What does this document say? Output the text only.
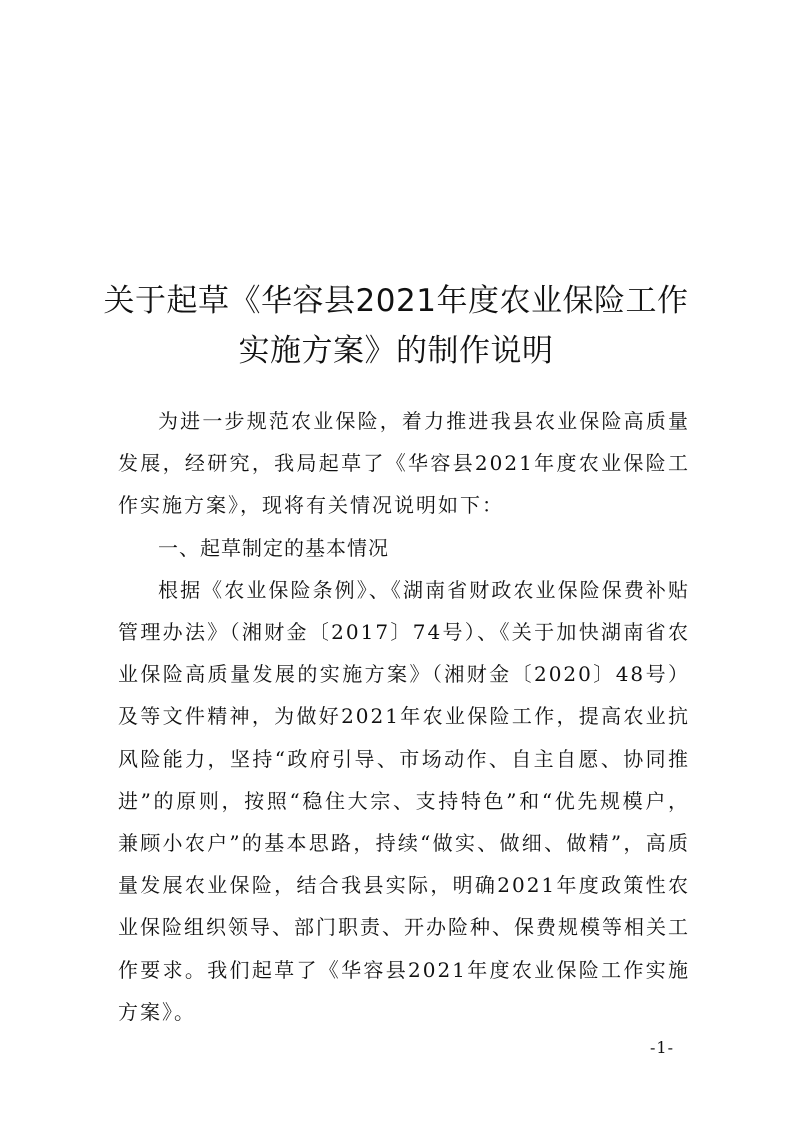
关于起草《华容县2021年度农业保险工作
实施方案》的制作说明

为进一步规范农业保险，着力推进我县农业保险高质量发展，经研究，我局起草了《华容县2021年度农业保险工作实施方案》，现将有关情况说明如下：

一、起草制定的基本情况

根据《农业保险条例》、《湖南省财政农业保险保费补贴管理办法》（湘财金〔2017〕74号）、《关于加快湖南省农业保险高质量发展的实施方案》（湘财金〔2020〕48号）及等文件精神，为做好2021年农业保险工作，提高农业抗风险能力，坚持“政府引导、市场动作、自主自愿、协同推进”的原则，按照“稳住大宗、支持特色”和“优先规模户，兼顾小农户”的基本思路，持续“做实、做细、做精”，高质量发展农业保险，结合我县实际，明确2021年度政策性农业保险组织领导、部门职责、开办险种、保费规模等相关工作要求。我们起草了《华容县2021年度农业保险工作实施方案》。

-1-
